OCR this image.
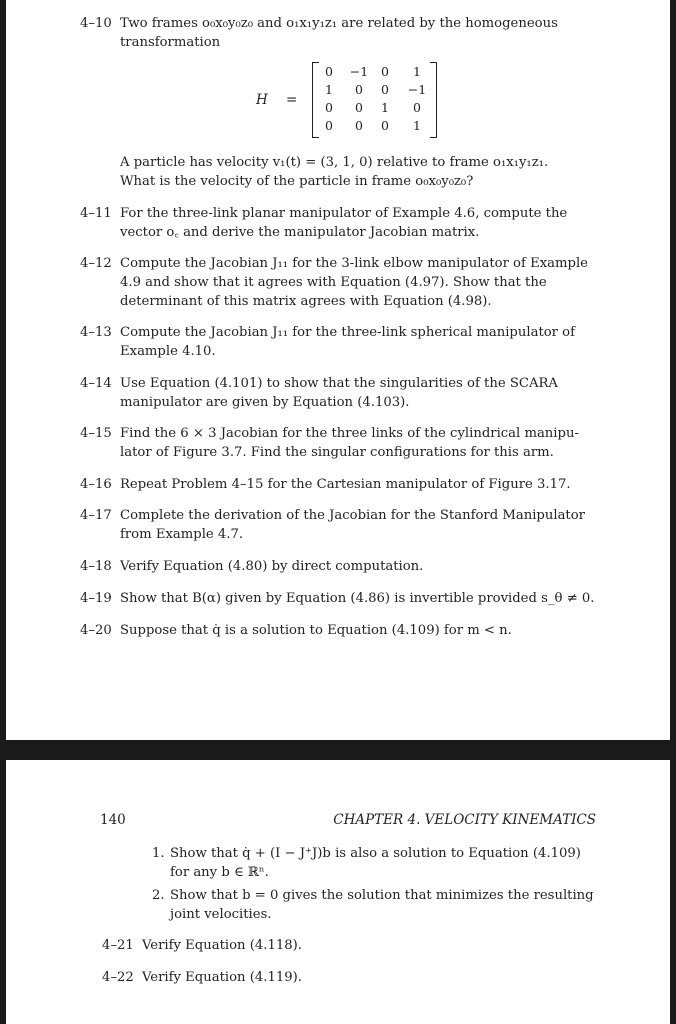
4–10 Two frames o₀x₀y₀z₀ and o₁x₁y₁z₁ are related by the homogeneous
transformation
H =
0	−1	0	1
1	0	0	−1
0	0	1	0
0	0	0	1
A particle has velocity v₁(t) = (3, 1, 0) relative to frame o₁x₁y₁z₁.
What is the velocity of the particle in frame o₀x₀y₀z₀?
4–11 For the three-link planar manipulator of Example 4.6, compute the
vector o꜀ and derive the manipulator Jacobian matrix.
4–12 Compute the Jacobian J₁₁ for the 3-link elbow manipulator of Example
4.9 and show that it agrees with Equation (4.97). Show that the
determinant of this matrix agrees with Equation (4.98).
4–13 Compute the Jacobian J₁₁ for the three-link spherical manipulator of
Example 4.10.
4–14 Use Equation (4.101) to show that the singularities of the SCARA
manipulator are given by Equation (4.103).
4–15 Find the 6 × 3 Jacobian for the three links of the cylindrical manipu-
lator of Figure 3.7. Find the singular configurations for this arm.
4–16 Repeat Problem 4–15 for the Cartesian manipulator of Figure 3.17.
4–17 Complete the derivation of the Jacobian for the Stanford Manipulator
from Example 4.7.
4–18 Verify Equation (4.80) by direct computation.
4–19 Show that B(α) given by Equation (4.86) is invertible provided s_θ ≠ 0.
4–20 Suppose that q̇ is a solution to Equation (4.109) for m < n.
140	CHAPTER 4. VELOCITY KINEMATICS
1. Show that q̇ + (I − J⁺J)b is also a solution to Equation (4.109)
for any b ∈ ℝⁿ.
2. Show that b = 0 gives the solution that minimizes the resulting
joint velocities.
4–21 Verify Equation (4.118).
4–22 Verify Equation (4.119).
